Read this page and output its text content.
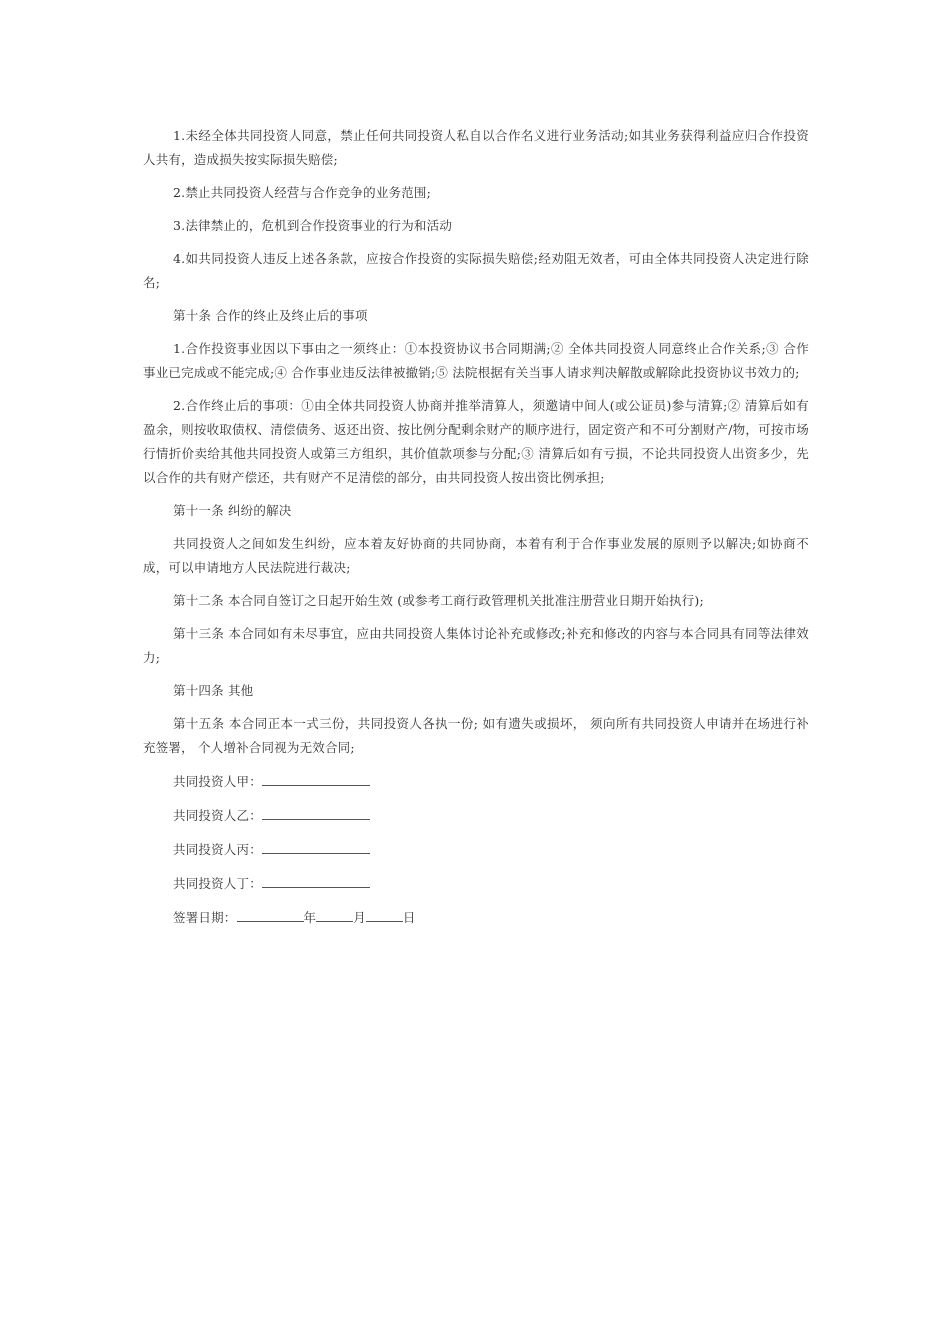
1.未经全体共同投资人同意，禁止任何共同投资人私自以合作名义进行业务活动;如其业务获得利益应归合作投资人共有，造成损失按实际损失赔偿;

2.禁止共同投资人经营与合作竞争的业务范围;

3.法律禁止的，危机到合作投资事业的行为和活动

4.如共同投资人违反上述各条款，应按合作投资的实际损失赔偿;经劝阻无效者，可由全体共同投资人决定进行除名;

第十条 合作的终止及终止后的事项

1.合作投资事业因以下事由之一须终止：①本投资协议书合同期满;② 全体共同投资人同意终止合作关系;③ 合作事业已完成或不能完成;④ 合作事业违反法律被撤销;⑤ 法院根据有关当事人请求判决解散或解除此投资协议书效力的;

2.合作终止后的事项：①由全体共同投资人协商并推举清算人，须邀请中间人(或公证员)参与清算;② 清算后如有盈余，则按收取债权、清偿债务、返还出资、按比例分配剩余财产的顺序进行，固定资产和不可分割财产/物，可按市场行情折价卖给其他共同投资人或第三方组织，其价值款项参与分配;③ 清算后如有亏损，不论共同投资人出资多少，先以合作的共有财产偿还，共有财产不足清偿的部分，由共同投资人按出资比例承担;

第十一条 纠纷的解决

共同投资人之间如发生纠纷，应本着友好协商的共同协商，本着有利于合作事业发展的原则予以解决;如协商不成，可以申请地方人民法院进行裁决;

第十二条 本合同自签订之日起开始生效 (或参考工商行政管理机关批准注册营业日期开始执行);

第十三条 本合同如有未尽事宜，应由共同投资人集体讨论补充或修改;补充和修改的内容与本合同具有同等法律效力;

第十四条 其他

第十五条 本合同正本一式三份，共同投资人各执一份; 如有遗失或损坏， 须向所有共同投资人申请并在场进行补充签署， 个人增补合同视为无效合同;

共同投资人甲：
共同投资人乙：
共同投资人丙：
共同投资人丁：
签署日期：	年	月	日
